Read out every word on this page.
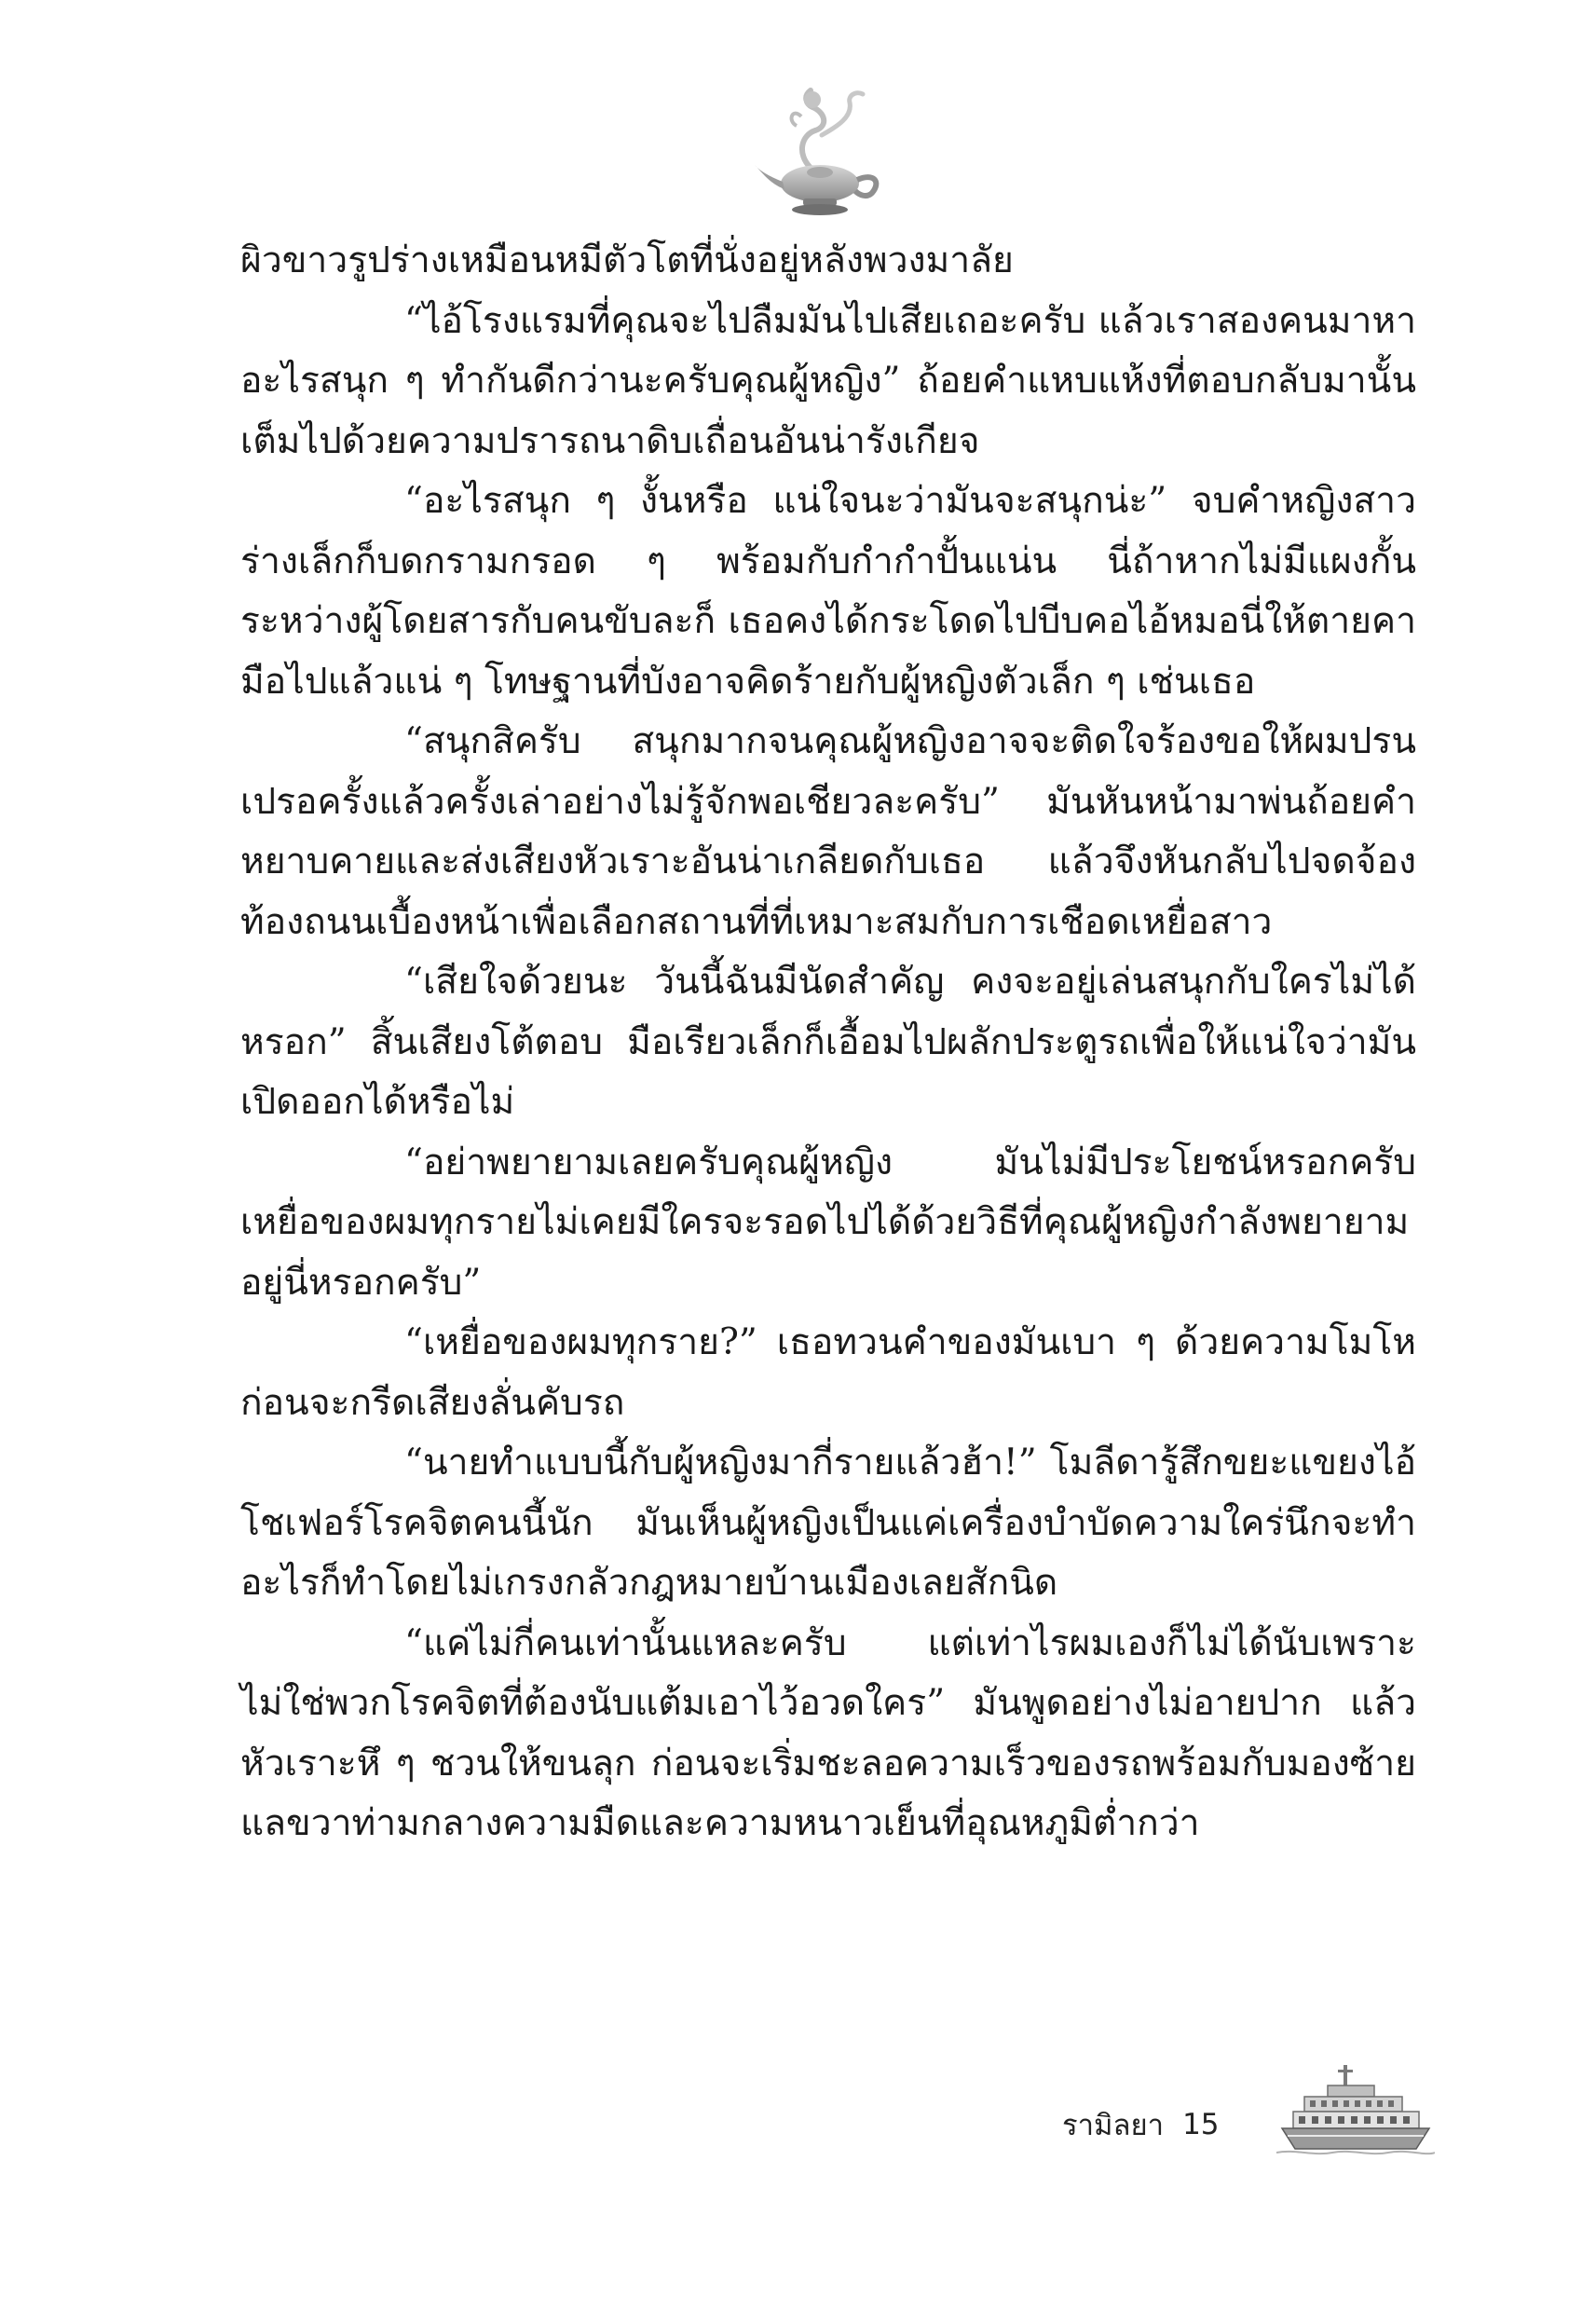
ผิวขาวรูปร่างเหมือนหมีตัวโตที่นั่งอยู่หลังพวงมาลัย

“ไอ้โรงแรมที่คุณจะไปลืมมันไปเสียเถอะครับ แล้วเราสองคนมาหาอะไรสนุก ๆ ทำกันดีกว่านะครับคุณผู้หญิง” ถ้อยคำแหบแห้งที่ตอบกลับมานั้นเต็มไปด้วยความปรารถนาดิบเถื่อนอันน่ารังเกียจ

“อะไรสนุก ๆ งั้นหรือ แน่ใจนะว่ามันจะสนุกน่ะ” จบคำหญิงสาวร่างเล็กก็บดกรามกรอด ๆ พร้อมกับกำกำปั้นแน่น นี่ถ้าหากไม่มีแผงกั้นระหว่างผู้โดยสารกับคนขับละก็ เธอคงได้กระโดดไปบีบคอไอ้หมอนี่ให้ตายคามือไปแล้วแน่ ๆ โทษฐานที่บังอาจคิดร้ายกับผู้หญิงตัวเล็ก ๆ เช่นเธอ

“สนุกสิครับ สนุกมากจนคุณผู้หญิงอาจจะติดใจร้องขอให้ผมปรนเปรอครั้งแล้วครั้งเล่าอย่างไม่รู้จักพอเชียวละครับ” มันหันหน้ามาพ่นถ้อยคำหยาบคายและส่งเสียงหัวเราะอันน่าเกลียดกับเธอ แล้วจึงหันกลับไปจดจ้องท้องถนนเบื้องหน้าเพื่อเลือกสถานที่ที่เหมาะสมกับการเชือดเหยื่อสาว

“เสียใจด้วยนะ วันนี้ฉันมีนัดสำคัญ คงจะอยู่เล่นสนุกกับใครไม่ได้หรอก” สิ้นเสียงโต้ตอบ มือเรียวเล็กก็เอื้อมไปผลักประตูรถเพื่อให้แน่ใจว่ามันเปิดออกได้หรือไม่

“อย่าพยายามเลยครับคุณผู้หญิง มันไม่มีประโยชน์หรอกครับ เหยื่อของผมทุกรายไม่เคยมีใครจะรอดไปได้ด้วยวิธีที่คุณผู้หญิงกำลังพยายามอยู่นี่หรอกครับ”

“เหยื่อของผมทุกราย?” เธอทวนคำของมันเบา ๆ ด้วยความโมโห ก่อนจะกรีดเสียงลั่นคับรถ

“นายทำแบบนี้กับผู้หญิงมากี่รายแล้วฮ้า!” โมลีดารู้สึกขยะแขยงไอ้โชเฟอร์โรคจิตคนนี้นัก มันเห็นผู้หญิงเป็นแค่เครื่องบำบัดความใคร่นึกจะทำอะไรก็ทำโดยไม่เกรงกลัวกฎหมายบ้านเมืองเลยสักนิด

“แค่ไม่กี่คนเท่านั้นแหละครับ แต่เท่าไรผมเองก็ไม่ได้นับเพราะไม่ใช่พวกโรคจิตที่ต้องนับแต้มเอาไว้อวดใคร” มันพูดอย่างไม่อายปาก แล้วหัวเราะหึ ๆ ชวนให้ขนลุก ก่อนจะเริ่มชะลอความเร็วของรถพร้อมกับมองซ้ายแลขวาท่ามกลางความมืดและความหนาวเย็นที่อุณหภูมิต่ำกว่า

รามิลยา 15
